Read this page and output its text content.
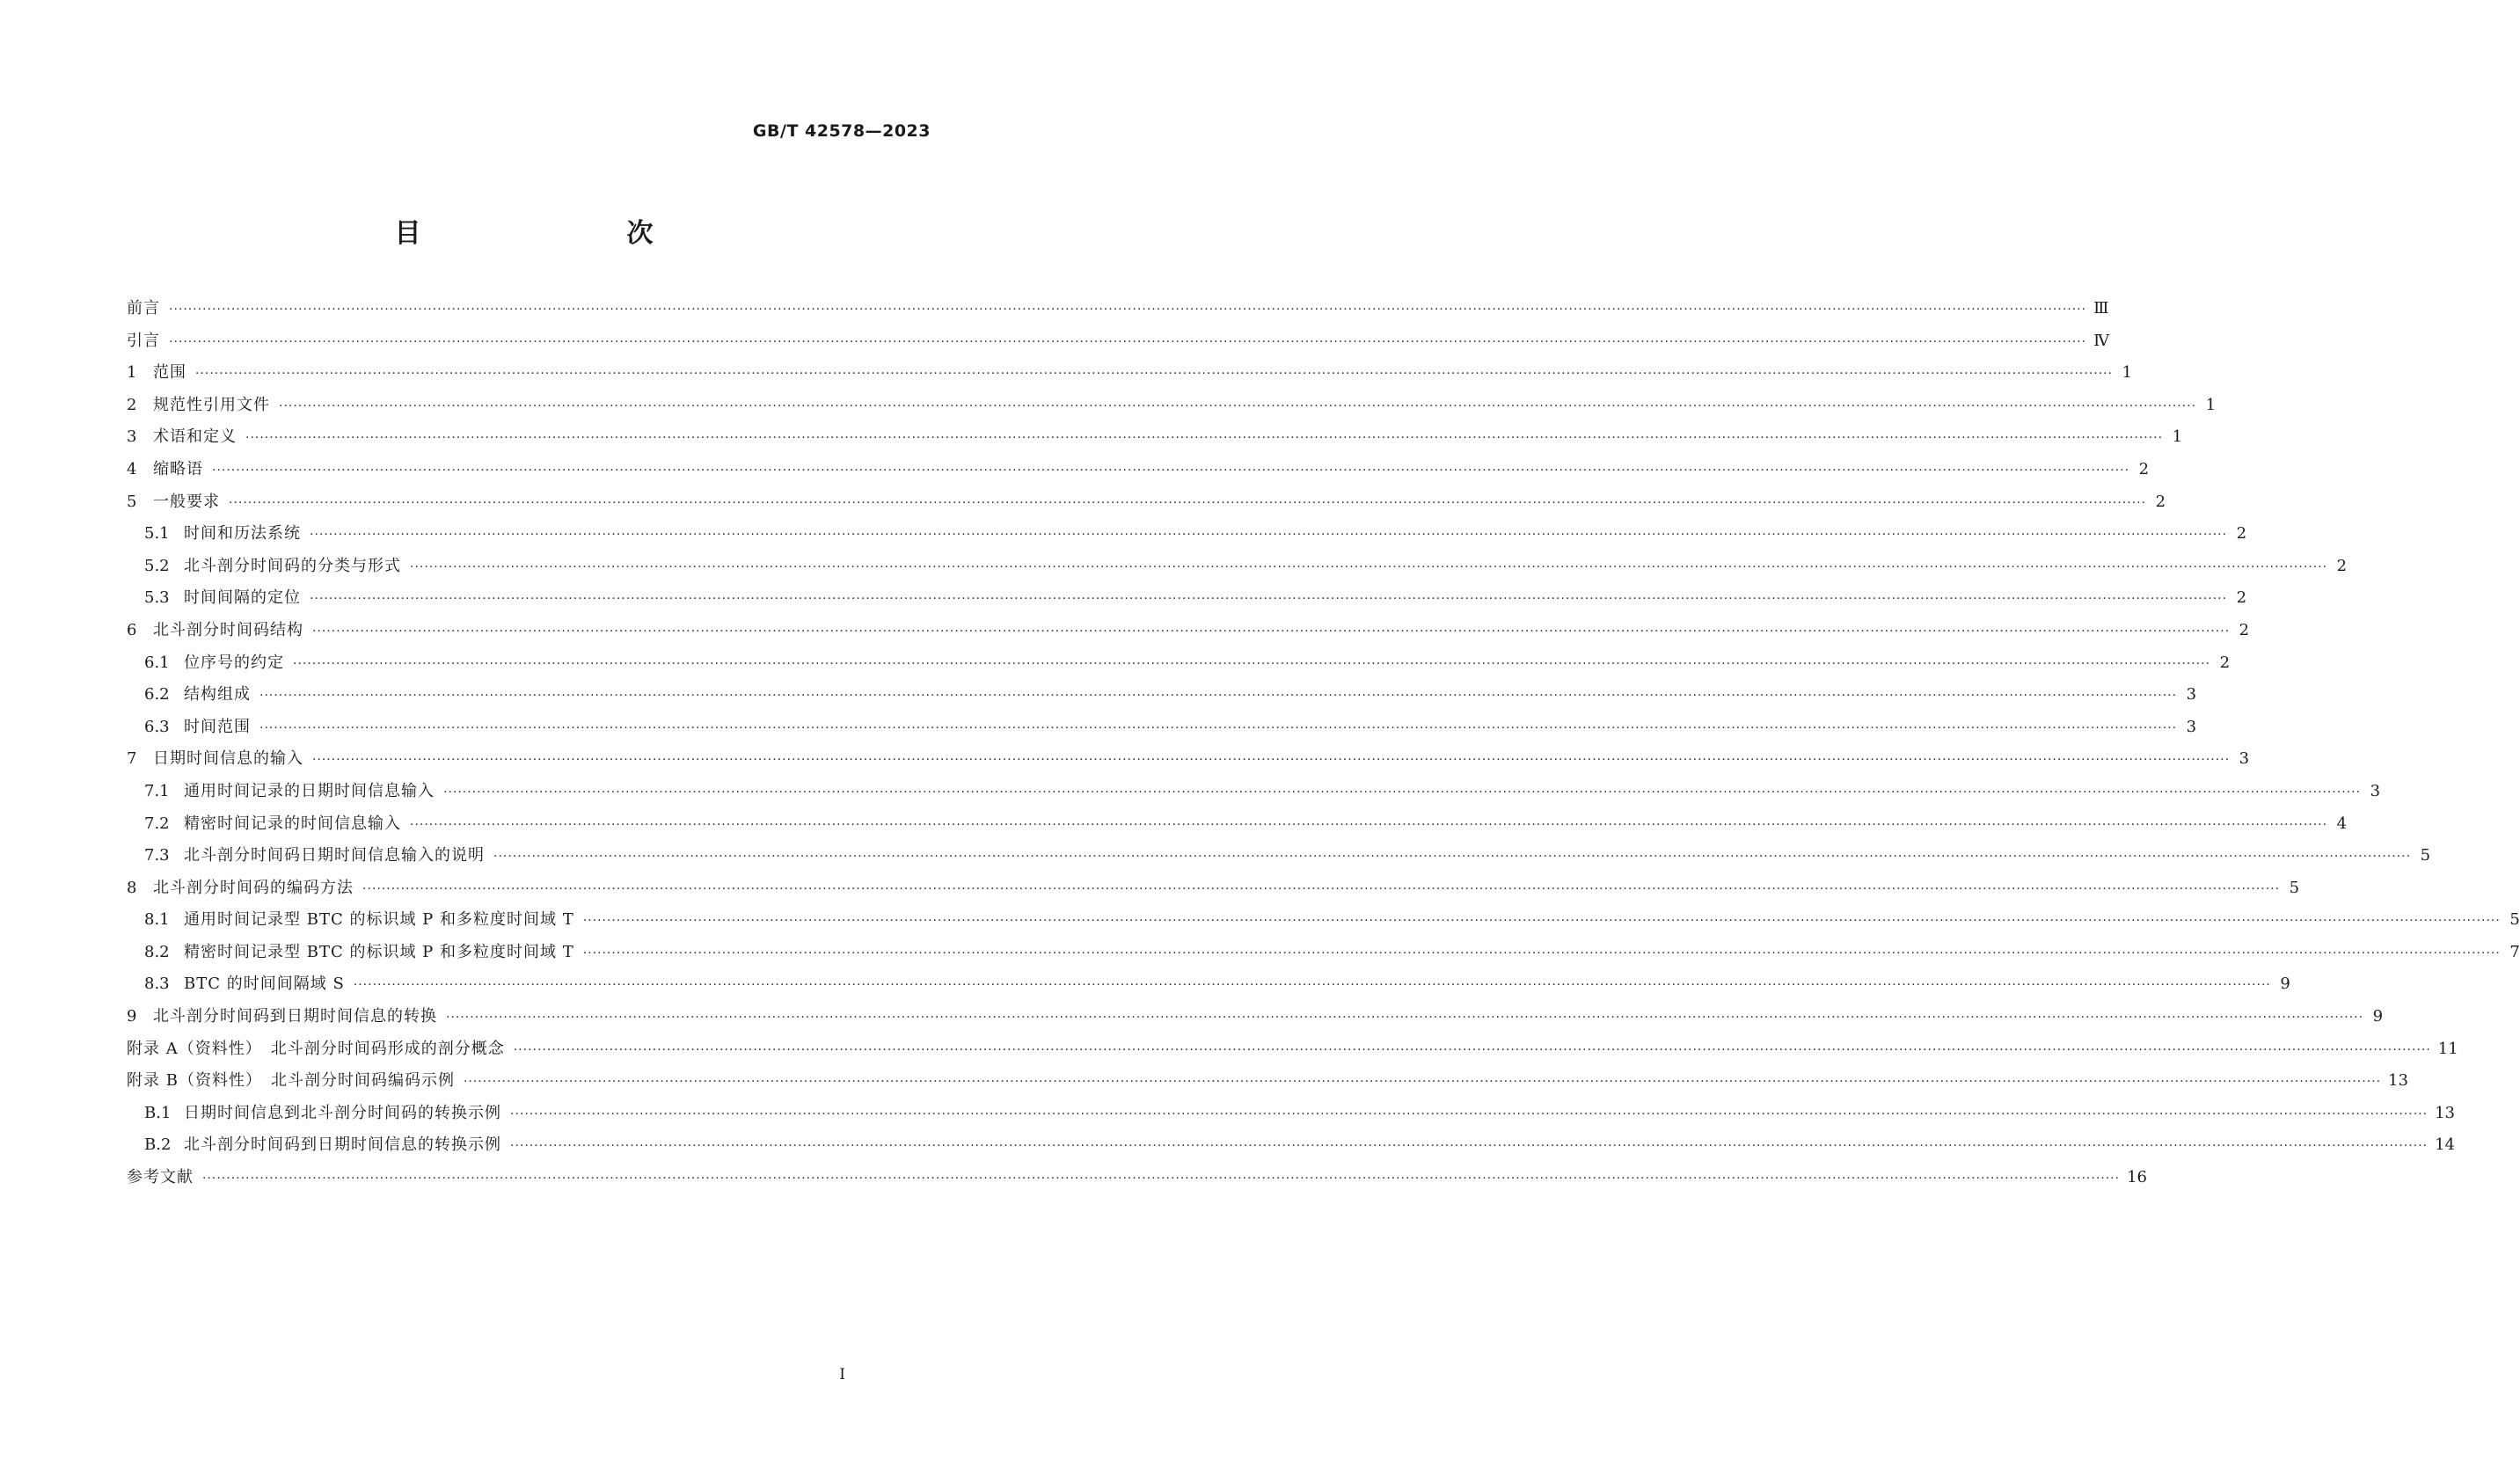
GB/T 42578—2023
目　　次
前言 ················································································································································································································································································································································································································ Ⅲ
引言 ················································································································································································································································································································································································································ Ⅳ
1	范围 ················································································································································································································································································································································································································ 1
2	规范性引用文件 ················································································································································································································································································································································································································ 1
3	术语和定义 ················································································································································································································································································································································································································ 1
4	缩略语 ················································································································································································································································································································································································································ 2
5	一般要求 ················································································································································································································································································································································································································ 2
5.1 时间和历法系统 ················································································································································································································································································································································································································ 2
5.2 北斗剖分时间码的分类与形式 ················································································································································································································································································································································································································ 2
5.3 时间间隔的定位 ················································································································································································································································································································································································································ 2
6	北斗剖分时间码结构 ················································································································································································································································································································································································································ 2
6.1 位序号的约定 ················································································································································································································································································································································································································ 2
6.2 结构组成 ················································································································································································································································································································································································································ 3
6.3 时间范围 ················································································································································································································································································································································································································ 3
7	日期时间信息的输入 ················································································································································································································································································································································································································ 3
7.1 通用时间记录的日期时间信息输入 ················································································································································································································································································································································································································ 3
7.2 精密时间记录的时间信息输入 ················································································································································································································································································································································································································ 4
7.3 北斗剖分时间码日期时间信息输入的说明 ················································································································································································································································································································································································································ 5
8	北斗剖分时间码的编码方法 ················································································································································································································································································································································································································ 5
8.1 通用时间记录型 BTC 的标识域 P 和多粒度时间域 T ················································································································································································································································································································································································································ 5
8.2 精密时间记录型 BTC 的标识域 P 和多粒度时间域 T ················································································································································································································································································································································································································ 7
8.3 BTC 的时间间隔域 S ················································································································································································································································································································································································································ 9
9	北斗剖分时间码到日期时间信息的转换 ················································································································································································································································································································································································································ 9
附录 A（资料性）　北斗剖分时间码形成的剖分概念 ················································································································································································································································································································································································································ 11
附录 B（资料性）　北斗剖分时间码编码示例 ················································································································································································································································································································································································································ 13
B.1 日期时间信息到北斗剖分时间码的转换示例 ················································································································································································································································································································································································································ 13
B.2 北斗剖分时间码到日期时间信息的转换示例 ················································································································································································································································································································································································································ 14
参考文献 ················································································································································································································································································································································································································ 16
Ⅰ
